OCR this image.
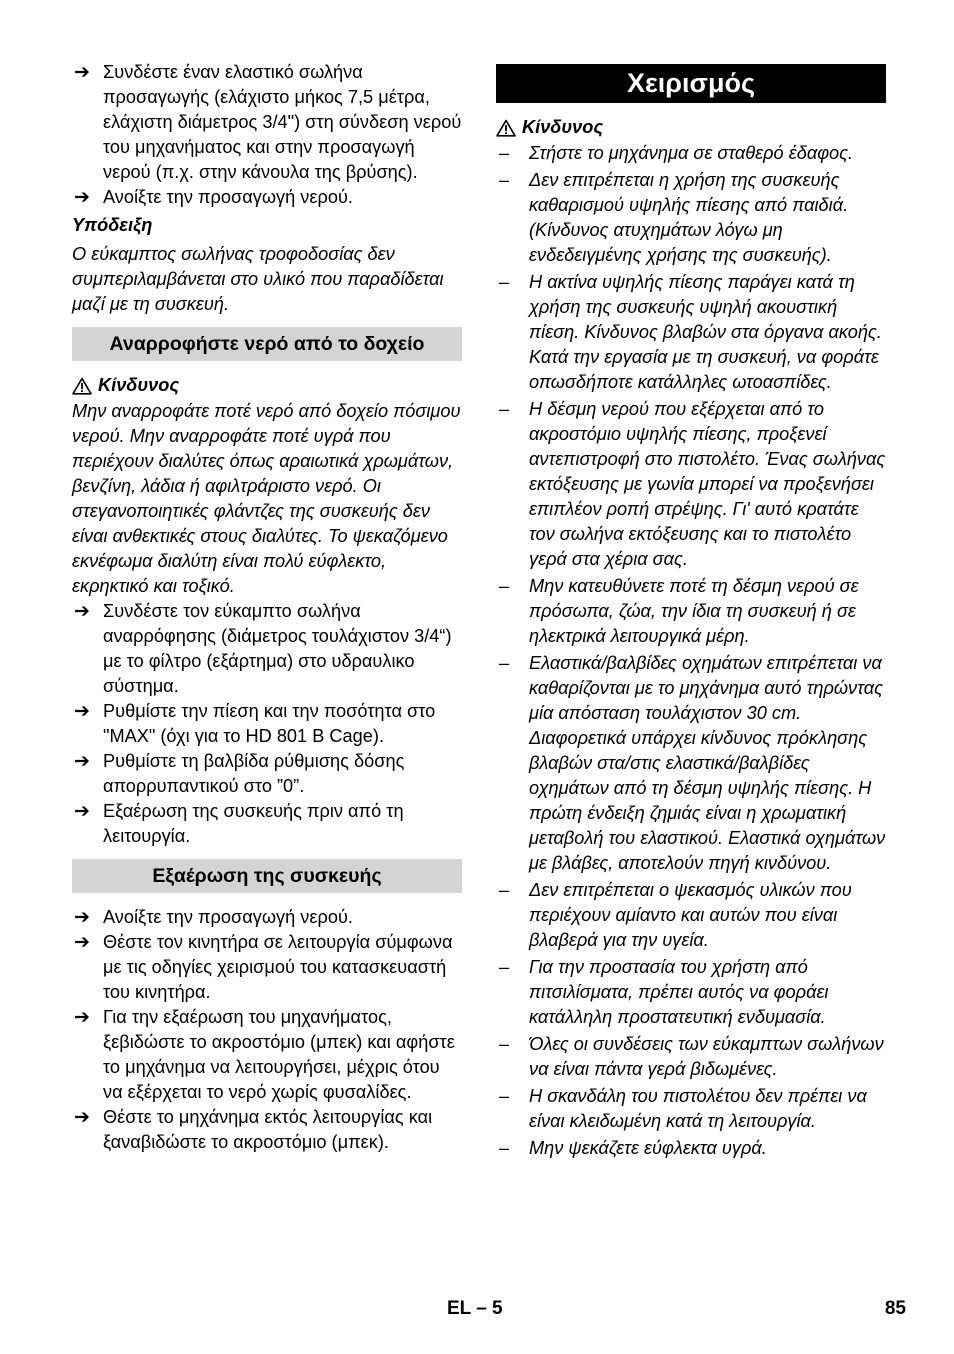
➔ Συνδέστε έναν ελαστικό σωλήνα προσαγωγής (ελάχιστο μήκος 7,5 μέτρα, ελάχιστη διάμετρος 3/4") στη σύνδεση νερού του μηχανήματος και στην προσαγωγή νερού (π.χ. στην κάνουλα της βρύσης).
➔ Ανοίξτε την προσαγωγή νερού.
Υπόδειξη

Ο εύκαμπτος σωλήνας τροφοδοσίας δεν συμπεριλαμβάνεται στο υλικό που παραδίδεται μαζί με τη συσκευή.

Αναρροφήστε νερό από το δοχείο
Κίνδυνος

Μην αναρροφάτε ποτέ νερό από δοχείο πόσιμου νερού. Μην αναρροφάτε ποτέ υγρά που περιέχουν διαλύτες όπως αραιωτικά χρωμάτων, βενζίνη, λάδια ή αφιλτράριστο νερό. Οι στεγανοποιητικές φλάντζες της συσκευής δεν είναι ανθεκτικές στους διαλύτες. Το ψεκαζόμενο εκνέφωμα διαλύτη είναι πολύ εύφλεκτο, εκρηκτικό και τοξικό.

➔ Συνδέστε τον εύκαμπτο σωλήνα αναρρόφησης (διάμετρος τουλάχιστον 3/4“) με το φίλτρο (εξάρτημα) στο υδραυλικο σύστημα.
➔ Ρυθμίστε την πίεση και την ποσότητα στο "MAX" (όχι για το HD 801 B Cage).
➔ Ρυθμίστε τη βαλβίδα ρύθμισης δόσης απορρυπαντικού στο ”0”.
➔ Εξαέρωση της συσκευής πριν από τη λειτουργία.
Εξαέρωση της συσκευής
➔ Ανοίξτε την προσαγωγή νερού.
➔ Θέστε τον κινητήρα σε λειτουργία σύμφωνα με τις οδηγίες χειρισμού του κατασκευαστή του κινητήρα.
➔ Για την εξαέρωση του μηχανήματος, ξεβιδώστε το ακροστόμιο (μπεκ) και αφήστε το μηχάνημα να λειτουργήσει, μέχρις ότου να εξέρχεται το νερό χωρίς φυσαλίδες.
➔ Θέστε το μηχάνημα εκτός λειτουργίας και ξαναβιδώστε το ακροστόμιο (μπεκ).
Χειρισμός
Κίνδυνος
– Στήστε το μηχάνημα σε σταθερό έδαφος.
– Δεν επιτρέπεται η χρήση της συσκευής καθαρισμού υψηλής πίεσης από παιδιά. (Κίνδυνος ατυχημάτων λόγω μη ενδεδειγμένης χρήσης της συσκευής).
– Η ακτίνα υψηλής πίεσης παράγει κατά τη χρήση της συσκευής υψηλή ακουστική πίεση. Κίνδυνος βλαβών στα όργανα ακοής. Κατά την εργασία με τη συσκευή, να φοράτε οπωσδήποτε κατάλληλες ωτοασπίδες.
– Η δέσμη νερού που εξέρχεται από το ακροστόμιο υψηλής πίεσης, προξενεί αντεπιστροφή στο πιστολέτο. Ένας σωλήνας εκτόξευσης με γωνία μπορεί να προξενήσει επιπλέον ροπή στρέψης. Γι' αυτό κρατάτε τον σωλήνα εκτόξευσης και το πιστολέτο γερά στα χέρια σας.
– Μην κατευθύνετε ποτέ τη δέσμη νερού σε πρόσωπα, ζώα, την ίδια τη συσκευή ή σε ηλεκτρικά λειτουργικά μέρη.
– Ελαστικά/βαλβίδες οχημάτων επιτρέπεται να καθαρίζονται με το μηχάνημα αυτό τηρώντας μία απόσταση τουλάχιστον 30 cm. Διαφορετικά υπάρχει κίνδυνος πρόκλησης βλαβών στα/στις ελαστικά/βαλβίδες οχημάτων από τη δέσμη υψηλής πίεσης. Η πρώτη ένδειξη ζημιάς είναι η χρωματική μεταβολή του ελαστικού. Ελαστικά οχημάτων με βλάβες, αποτελούν πηγή κινδύνου.
– Δεν επιτρέπεται ο ψεκασμός υλικών που περιέχουν αμίαντο και αυτών που είναι βλαβερά για την υγεία.
– Για την προστασία του χρήστη από πιτσιλίσματα, πρέπει αυτός να φοράει κατάλληλη προστατευτική ενδυμασία.
– Όλες οι συνδέσεις των εύκαμπτων σωλήνων να είναι πάντα γερά βιδωμένες.
– Η σκανδάλη του πιστολέτου δεν πρέπει να είναι κλειδωμένη κατά τη λειτουργία.
– Μην ψεκάζετε εύφλεκτα υγρά.
EL – 5	85
